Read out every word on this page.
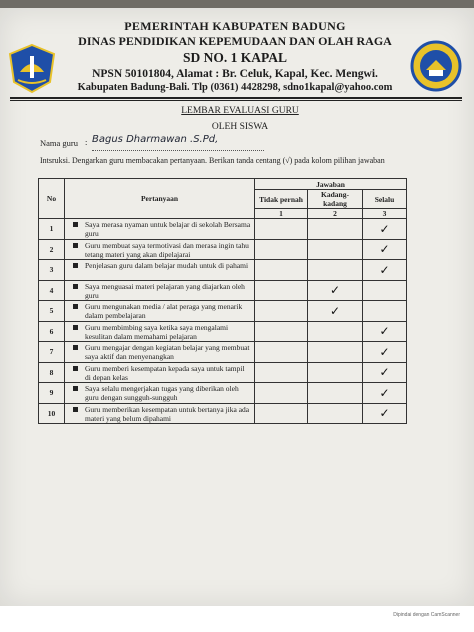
Dipindai dengan CamScanner
PEMERINTAH KABUPATEN BADUNG
DINAS PENDIDIKAN KEPEMUDAAN DAN OLAH RAGA
SD NO. 1 KAPAL
NPSN 50101804, Alamat : Br. Celuk, Kapal, Kec. Mengwi.
Kabupaten Badung-Bali. Tlp (0361) 4428298, sdno1kapal@yahoo.com
LEMBAR EVALUASI GURU
OLEH SISWA
Nama guru : Bagus Dharmawan .S.Pd,
Intsruksi. Dengarkan guru membacakan pertanyaan. Berikan tanda centang (√) pada kolom pilihan jawaban
No	Pertanyaan	Jawaban		
		Tidak pernah	Kadang-kadang	Selalu
		1	2	3
1	Saya merasa nyaman untuk belajar di sekolah Bersama guru			✓
2	Guru membuat saya termotivasi dan merasa ingin tahu tetang materi yang akan dipelajarai			✓
3	Penjelasan guru dalam belajar mudah untuk di pahami			✓
4	Saya menguasai materi pelajaran yang diajarkan oleh guru		✓	
5	Guru mengunakan media / alat peraga yang menarik dalam pembelajaran		✓	
6	Guru membimbing saya ketika saya mengalami kesulitan dalam memahami pelajaran			✓
7	Guru mengajar dengan kegiatan belajar yang membuat saya aktif dan menyenangkan			✓
8	Guru memberi kesempatan kepada saya untuk tampil di depan kelas			✓
9	Saya selalu mengerjakan tugas yang diberikan oleh guru dengan sungguh-sungguh			✓
10	Guru memberikan kesempatan untuk bertanya jika ada materi yang belum dipahami			✓
